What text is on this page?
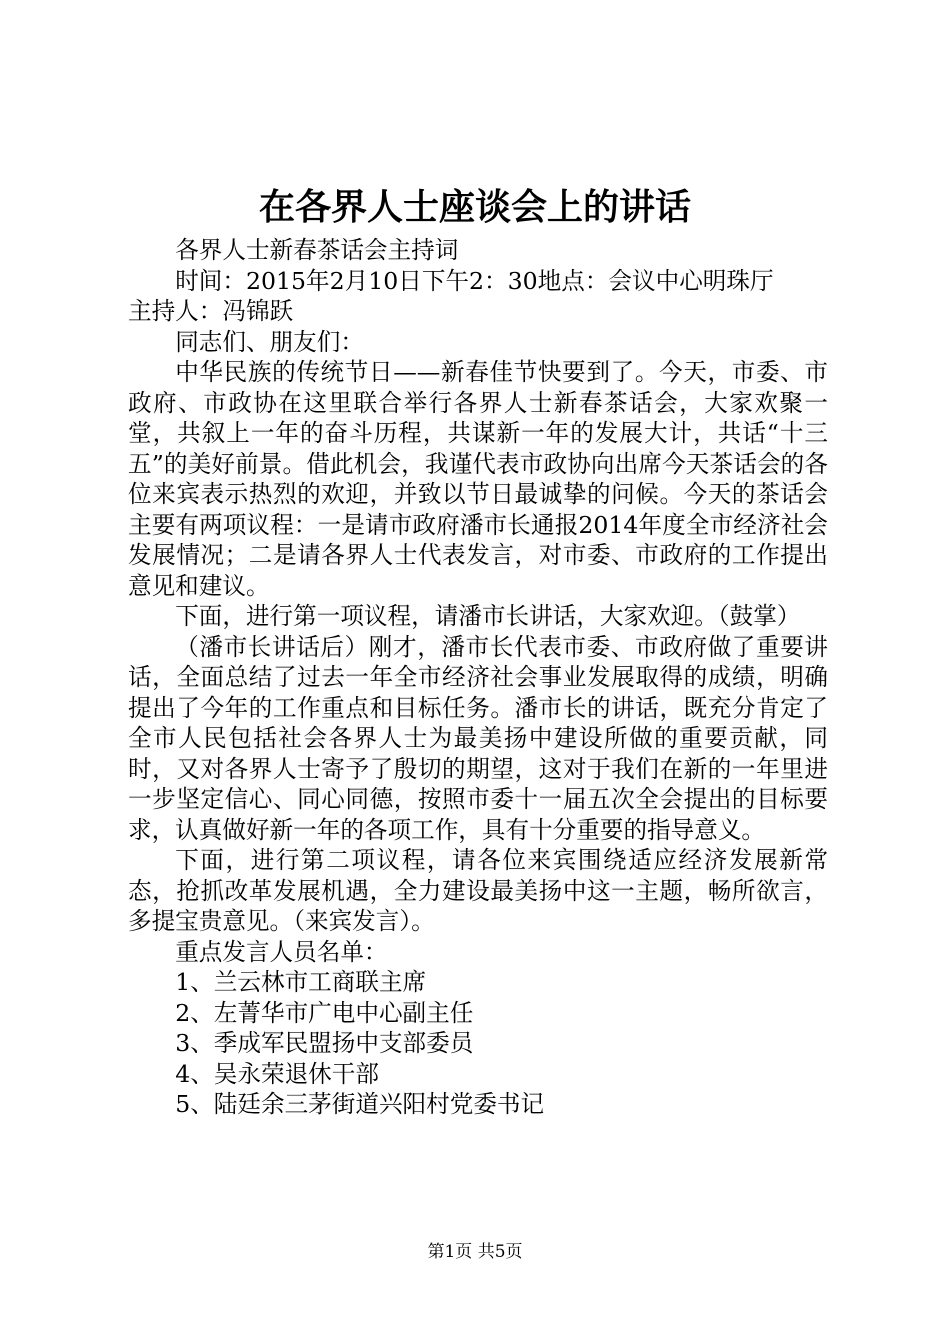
在各界人士座谈会上的讲话

各界人士新春茶话会主持词

时间：2015年2月10日下午2：30地点：会议中心明珠厅

主持人：冯锦跃

同志们、朋友们：

中华民族的传统节日——新春佳节快要到了。今天，市委、市政府、市政协在这里联合举行各界人士新春茶话会，大家欢聚一堂，共叙上一年的奋斗历程，共谋新一年的发展大计，共话“十三五”的美好前景。借此机会，我谨代表市政协向出席今天茶话会的各位来宾表示热烈的欢迎，并致以节日最诚挚的问候。今天的茶话会主要有两项议程：一是请市政府潘市长通报2014年度全市经济社会发展情况；二是请各界人士代表发言，对市委、市政府的工作提出意见和建议。

下面，进行第一项议程，请潘市长讲话，大家欢迎。（鼓掌）

（潘市长讲话后）刚才，潘市长代表市委、市政府做了重要讲话，全面总结了过去一年全市经济社会事业发展取得的成绩，明确提出了今年的工作重点和目标任务。潘市长的讲话，既充分肯定了全市人民包括社会各界人士为最美扬中建设所做的重要贡献，同时，又对各界人士寄予了殷切的期望，这对于我们在新的一年里进一步坚定信心、同心同德，按照市委十一届五次全会提出的目标要求，认真做好新一年的各项工作，具有十分重要的指导意义。

下面，进行第二项议程，请各位来宾围绕适应经济发展新常态，抢抓改革发展机遇，全力建设最美扬中这一主题，畅所欲言，多提宝贵意见。（来宾发言）。

重点发言人员名单：

1、兰云林市工商联主席

2、左菁华市广电中心副主任

3、季成军民盟扬中支部委员

4、吴永荣退休干部

5、陆廷余三茅街道兴阳村党委书记

第1页 共5页
